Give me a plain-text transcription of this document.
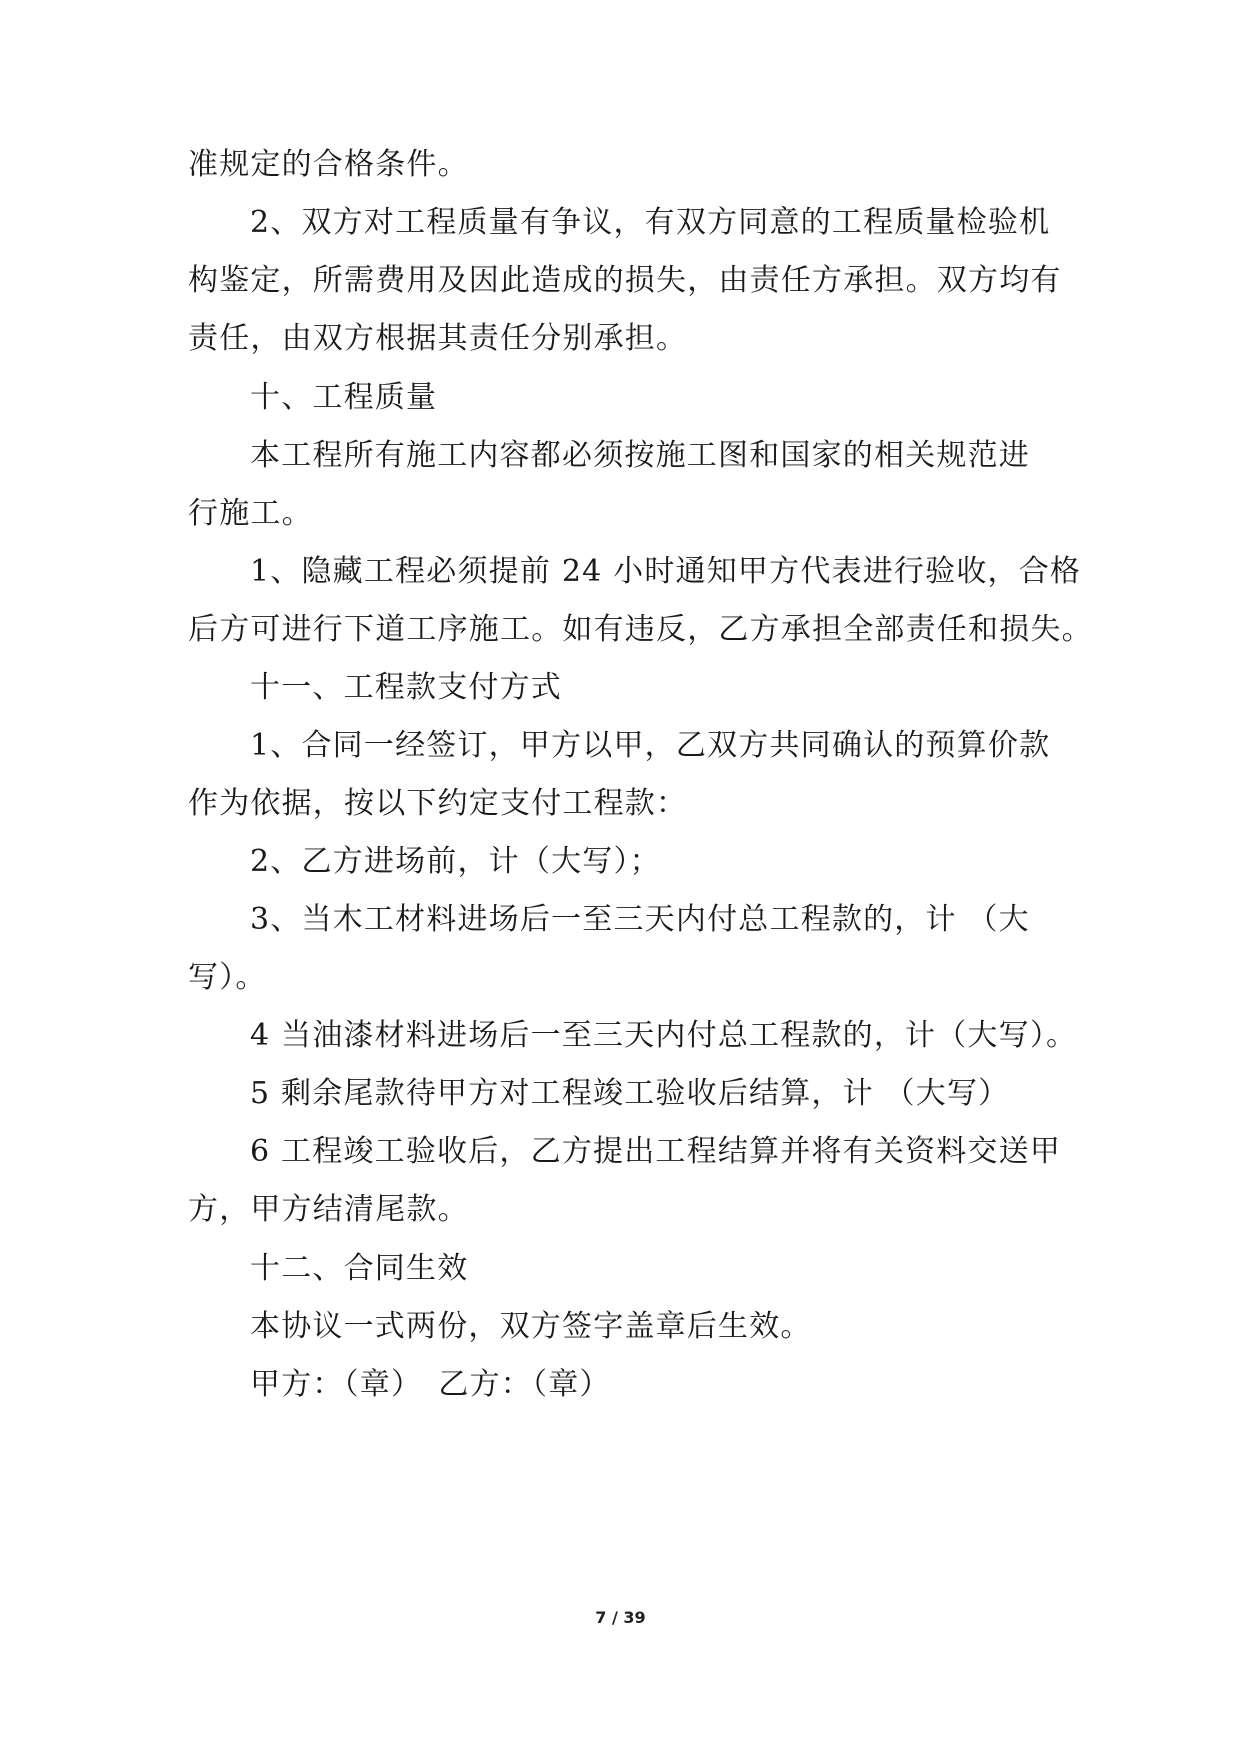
准规定的合格条件。
2、双方对工程质量有争议，有双方同意的工程质量检验机
构鉴定，所需费用及因此造成的损失，由责任方承担。双方均有
责任，由双方根据其责任分别承担。
十、工程质量
本工程所有施工内容都必须按施工图和国家的相关规范进
行施工。
1、隐藏工程必须提前 24 小时通知甲方代表进行验收，合格
后方可进行下道工序施工。如有违反，乙方承担全部责任和损失。
十一、工程款支付方式
1、合同一经签订，甲方以甲，乙双方共同确认的预算价款
作为依据，按以下约定支付工程款：
2、乙方进场前，计（大写）；
3、当木工材料进场后一至三天内付总工程款的，计 （大
写）。
4 当油漆材料进场后一至三天内付总工程款的，计（大写）。
5 剩余尾款待甲方对工程竣工验收后结算，计 （大写）
6 工程竣工验收后，乙方提出工程结算并将有关资料交送甲
方，甲方结清尾款。
十二、合同生效
本协议一式两份，双方签字盖章后生效。
甲方：（章）　乙方：（章）
7 / 39
